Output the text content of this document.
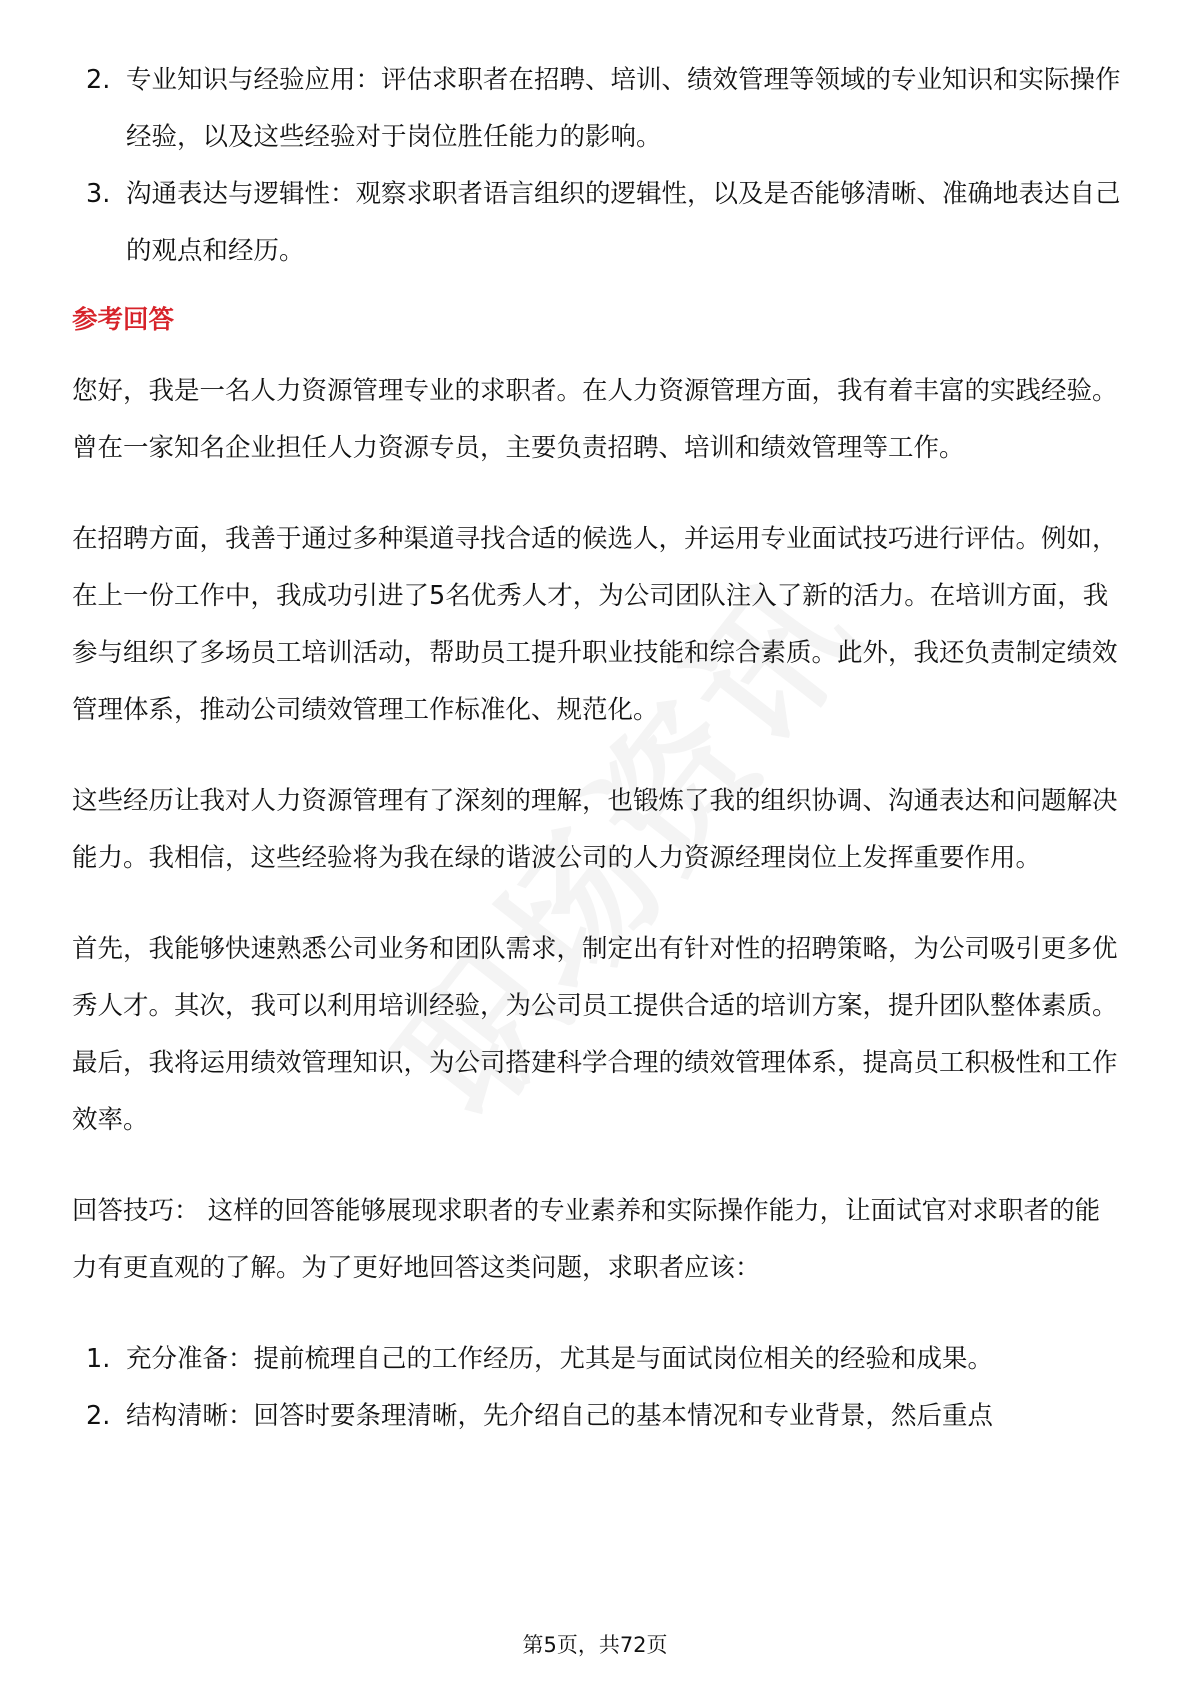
2. 专业知识与经验应用：评估求职者在招聘、培训、绩效管理等领域的专业知识和实际操作经验，以及这些经验对于岗位胜任能力的影响。
3. 沟通表达与逻辑性：观察求职者语言组织的逻辑性，以及是否能够清晰、准确地表达自己的观点和经历。
参考回答

您好，我是一名人力资源管理专业的求职者。在人力资源管理方面，我有着丰富的实践经验。曾在一家知名企业担任人力资源专员，主要负责招聘、培训和绩效管理等工作。

在招聘方面，我善于通过多种渠道寻找合适的候选人，并运用专业面试技巧进行评估。例如，在上一份工作中，我成功引进了5名优秀人才，为公司团队注入了新的活力。在培训方面，我参与组织了多场员工培训活动，帮助员工提升职业技能和综合素质。此外，我还负责制定绩效管理体系，推动公司绩效管理工作标准化、规范化。

这些经历让我对人力资源管理有了深刻的理解，也锻炼了我的组织协调、沟通表达和问题解决能力。我相信，这些经验将为我在绿的谐波公司的人力资源经理岗位上发挥重要作用。

首先，我能够快速熟悉公司业务和团队需求，制定出有针对性的招聘策略，为公司吸引更多优秀人才。其次，我可以利用培训经验，为公司员工提供合适的培训方案，提升团队整体素质。最后，我将运用绩效管理知识，为公司搭建科学合理的绩效管理体系，提高员工积极性和工作效率。

回答技巧： 这样的回答能够展现求职者的专业素养和实际操作能力，让面试官对求职者的能力有更直观的了解。为了更好地回答这类问题，求职者应该：

1. 充分准备：提前梳理自己的工作经历，尤其是与面试岗位相关的经验和成果。
2. 结构清晰：回答时要条理清晰，先介绍自己的基本情况和专业背景，然后重点
第5页，共72页
